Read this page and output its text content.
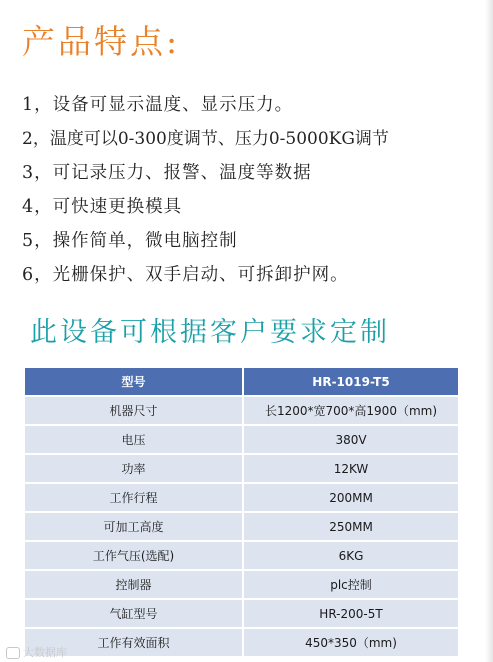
产品特点:
1，设备可显示温度、显示压力。
2，温度可以0-300度调节、压力0-5000KG调节
3，可记录压力、报警、温度等数据
4，可快速更换模具
5，操作简单，微电脑控制
6，光栅保护、双手启动、可拆卸护网。
此设备可根据客户要求定制
型号	HR-1019-T5
机器尺寸	长1200*宽700*高1900（mm)
电压	380V
功率	12KW
工作行程	200MM
可加工高度	250MM
工作气压(选配)	6KG
控制器	plc控制
气缸型号	HR-200-5T
工作有效面积	450*350（mm)
大数据库
